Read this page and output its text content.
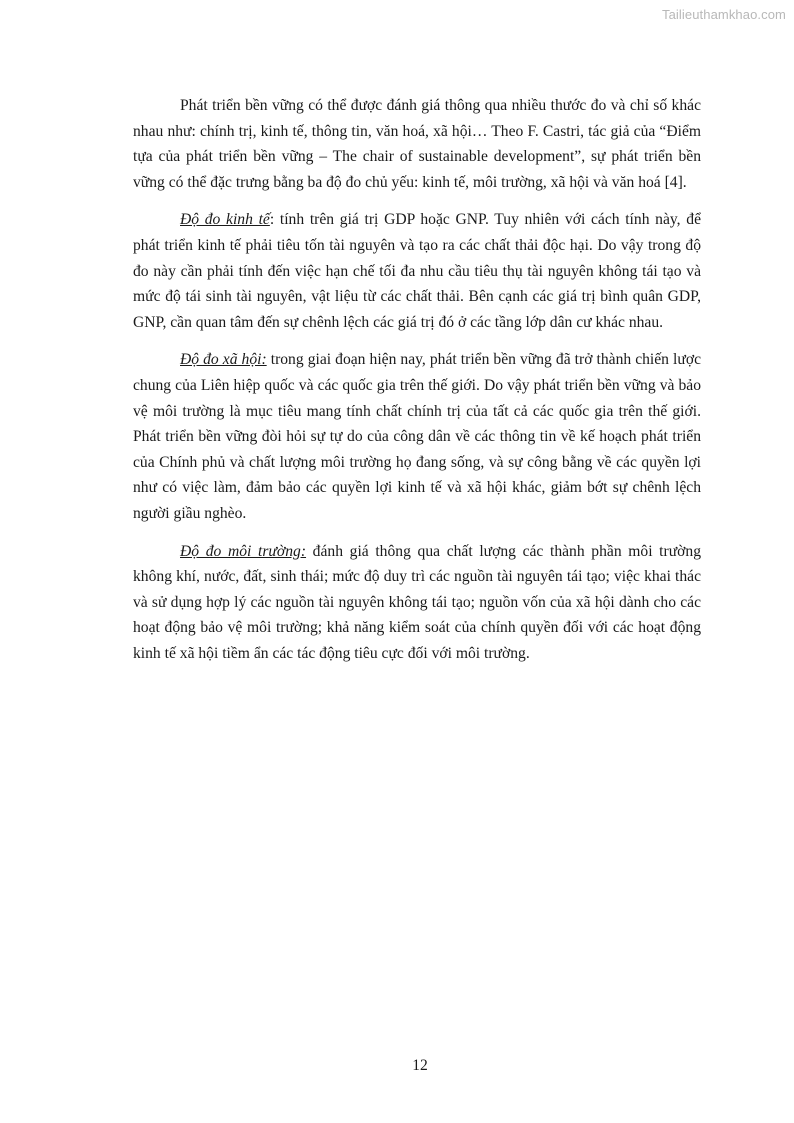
Tailieuthamkhao.com

Phát triển bền vững có thể được đánh giá thông qua nhiều thước đo và chỉ số khác nhau như: chính trị, kinh tế, thông tin, văn hoá, xã hội… Theo F. Castri, tác giả của “Điểm tựa của phát triển bền vững – The chair of sustainable development”, sự phát triển bền vững có thể đặc trưng bằng ba độ đo chủ yếu: kinh tế, môi trường, xã hội và văn hoá [4].

Độ đo kinh tế: tính trên giá trị GDP hoặc GNP. Tuy nhiên với cách tính này, để phát triển kinh tế phải tiêu tốn tài nguyên và tạo ra các chất thải độc hại. Do vậy trong độ đo này cần phải tính đến việc hạn chế tối đa nhu cầu tiêu thụ tài nguyên không tái tạo và mức độ tái sinh tài nguyên, vật liệu từ các chất thải. Bên cạnh các giá trị bình quân GDP, GNP, cần quan tâm đến sự chênh lệch các giá trị đó ở các tầng lớp dân cư khác nhau.

Độ đo xã hội: trong giai đoạn hiện nay, phát triển bền vững đã trở thành chiến lược chung của Liên hiệp quốc và các quốc gia trên thế giới. Do vậy phát triển bền vững và bảo vệ môi trường là mục tiêu mang tính chất chính trị của tất cả các quốc gia trên thế giới. Phát triển bền vững đòi hỏi sự tự do của công dân về các thông tin về kế hoạch phát triển của Chính phủ và chất lượng môi trường họ đang sống, và sự công bằng về các quyền lợi như có việc làm, đảm bảo các quyền lợi kinh tế và xã hội khác, giảm bớt sự chênh lệch người giầu nghèo.

Độ đo môi trường: đánh giá thông qua chất lượng các thành phần môi trường không khí, nước, đất, sinh thái; mức độ duy trì các nguồn tài nguyên tái tạo; việc khai thác và sử dụng hợp lý các nguồn tài nguyên không tái tạo; nguồn vốn của xã hội dành cho các hoạt động bảo vệ môi trường; khả năng kiểm soát của chính quyền đối với các hoạt động kinh tế xã hội tiềm ẩn các tác động tiêu cực đối với môi trường.

12
